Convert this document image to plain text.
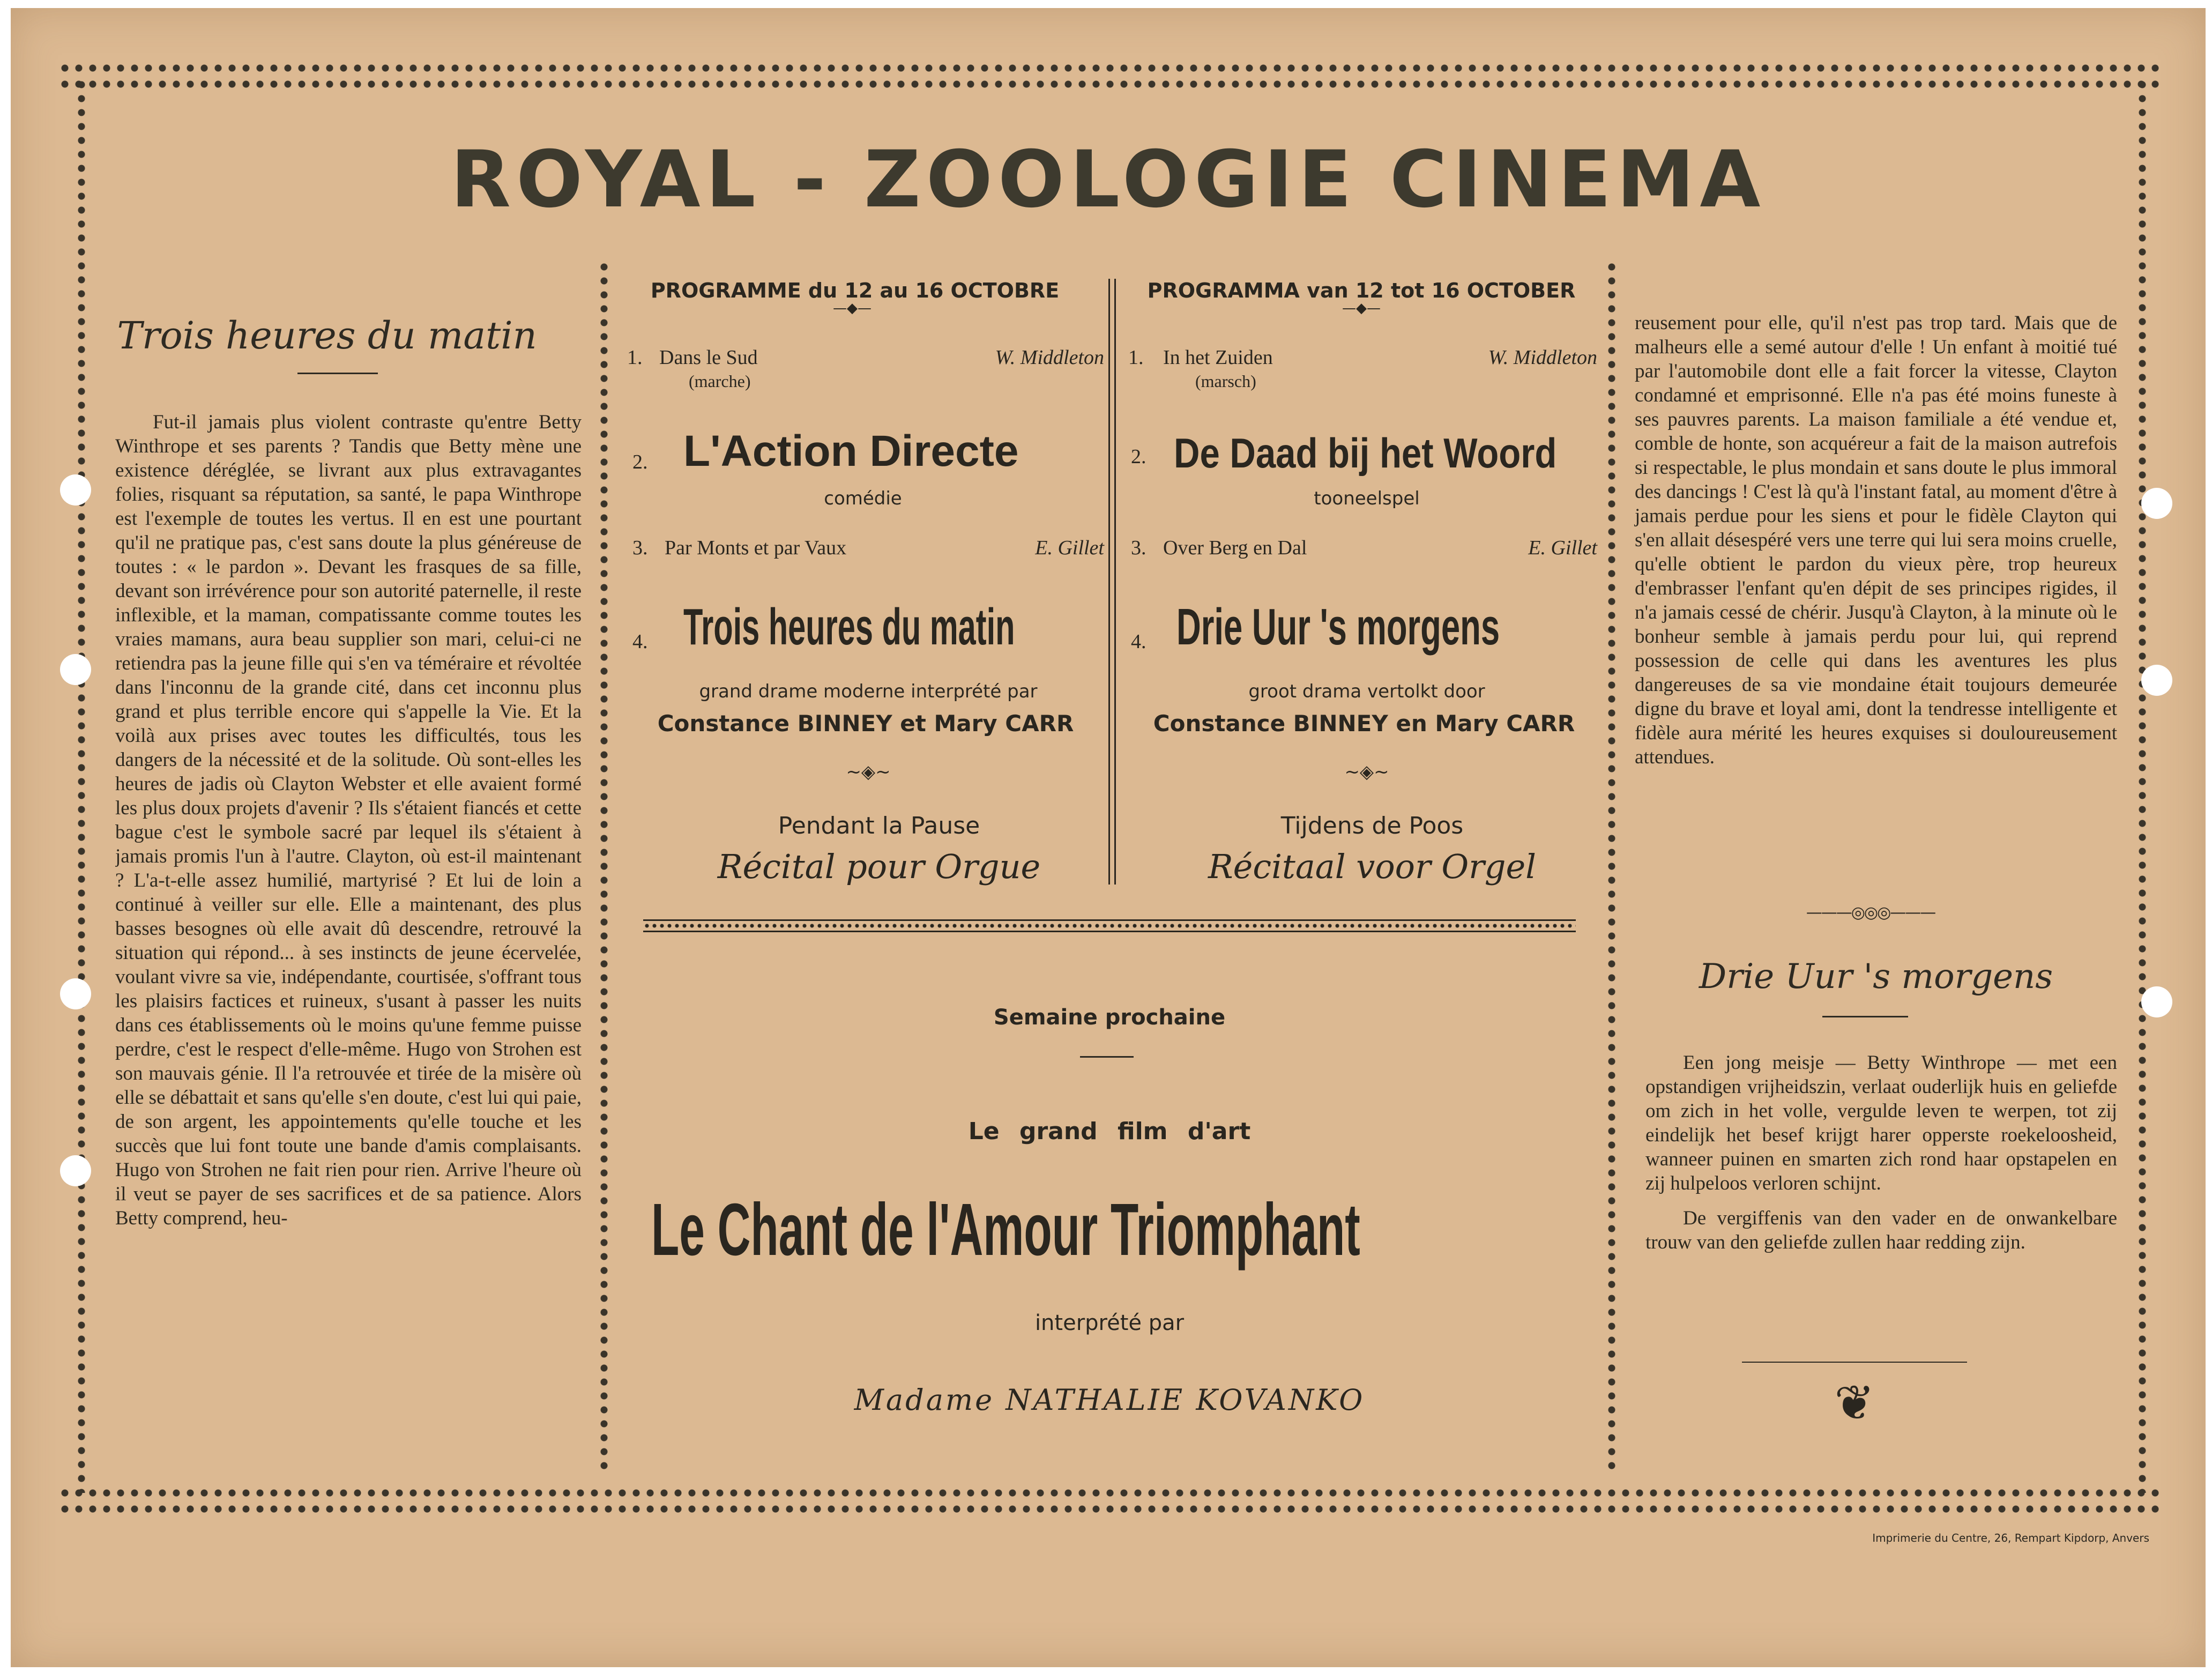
ROYAL - ZOOLOGIE CINEMA
Trois heures du matin

Fut-il jamais plus violent contraste qu'entre Betty Winthrope et ses parents ? Tandis que Betty mène une existence déréglée, se livrant aux plus extravagantes folies, risquant sa réputation, sa santé, le papa Winthrope est l'exemple de toutes les vertus. Il en est une pourtant qu'il ne pratique pas, c'est sans doute la plus généreuse de toutes : « le pardon ». Devant les frasques de sa fille, devant son irrévérence pour son autorité paternelle, il reste inflexible, et la maman, compatissante comme toutes les vraies mamans, aura beau supplier son mari, celui-ci ne retiendra pas la jeune fille qui s'en va téméraire et révoltée dans l'inconnu de la grande cité, dans cet inconnu plus grand et plus terrible encore qui s'appelle la Vie. Et la voilà aux prises avec toutes les difficultés, tous les dangers de la nécessité et de la solitude. Où sont-elles les heures de jadis où Clayton Webster et elle avaient formé les plus doux projets d'avenir ? Ils s'étaient fiancés et cette bague c'est le symbole sacré par lequel ils s'étaient à jamais promis l'un à l'autre. Clayton, où est-il maintenant ? L'a-t-elle assez humilié, martyrisé ? Et lui de loin a continué à veiller sur elle. Elle a maintenant, des plus basses besognes où elle avait dû descendre, retrouvé la situation qui répond... à ses instincts de jeune écervelée, voulant vivre sa vie, indépendante, courtisée, s'offrant tous les plaisirs factices et ruineux, s'usant à passer les nuits dans ces établissements où le moins qu'une femme puisse perdre, c'est le respect d'elle-même. Hugo von Strohen est son mauvais génie. Il l'a retrouvée et tirée de la misère où elle se débattait et sans qu'elle s'en doute, c'est lui qui paie, de son argent, les appointements qu'elle touche et les succès que lui font toute une bande d'amis complaisants. Hugo von Strohen ne fait rien pour rien. Arrive l'heure où il veut se payer de ses sacrifices et de sa patience. Alors Betty comprend, heu-

PROGRAMME du 12 au 16 OCTOBRE
—◆—
1. Dans le Sud	W. Middleton
(marche)
2. L'Action Directe
comédie
3. Par Monts et par Vaux	E. Gillet
4. Trois heures du matin
grand drame moderne interprété par
Constance BINNEY et Mary CARR
~◈~
Pendant la Pause
Récital pour Orgue
PROGRAMMA van 12 tot 16 OCTOBER
—◆—
1. In het Zuiden	W. Middleton
(marsch)
2. De Daad bij het Woord
tooneelspel
3. Over Berg en Dal	E. Gillet
4. Drie Uur 's morgens
groot drama vertolkt door
Constance BINNEY en Mary CARR
~◈~
Tijdens de Poos
Récitaal voor Orgel
Semaine prochaine
Le grand film d'art
Le Chant de l'Amour Triomphant
interprété par
Madame NATHALIE KOVANKO

reusement pour elle, qu'il n'est pas trop tard. Mais que de malheurs elle a semé autour d'elle ! Un enfant à moitié tué par l'automobile dont elle a fait forcer la vitesse, Clayton condamné et emprisonné. Elle n'a pas été moins funeste à ses pauvres parents. La maison familiale a été vendue et, comble de honte, son acquéreur a fait de la maison autrefois si respectable, le plus mondain et sans doute le plus immoral des dancings ! C'est là qu'à l'instant fatal, au moment d'être à jamais perdue pour les siens et pour le fidèle Clayton qui s'en allait désespéré vers une terre qui lui sera moins cruelle, qu'elle obtient le pardon du vieux père, trop heureux d'embrasser l'enfant qu'en dépit de ses principes rigides, il n'a jamais cessé de chérir. Jusqu'à Clayton, à la minute où le bonheur semble à jamais perdu pour lui, qui reprend possession de celle qui dans les aventures les plus dangereuses de sa vie mondaine était toujours demeurée digne du brave et loyal ami, dont la tendresse intelligente et fidèle aura mérité les heures exquises si douloureusement attendues.

———◎◎◎———
Drie Uur 's morgens

Een jong meisje — Betty Winthrope — met een opstandigen vrijheidszin, verlaat ouderlijk huis en geliefde om zich in het volle, vergulde leven te werpen, tot zij eindelijk het besef krijgt harer opperste roekeloosheid, wanneer puinen en smarten zich rond haar opstapelen en zij hulpeloos verloren schijnt.

De vergiffenis van den vader en de onwankelbare trouw van den geliefde zullen haar redding zijn.

❦
Imprimerie du Centre, 26, Rempart Kipdorp, Anvers
